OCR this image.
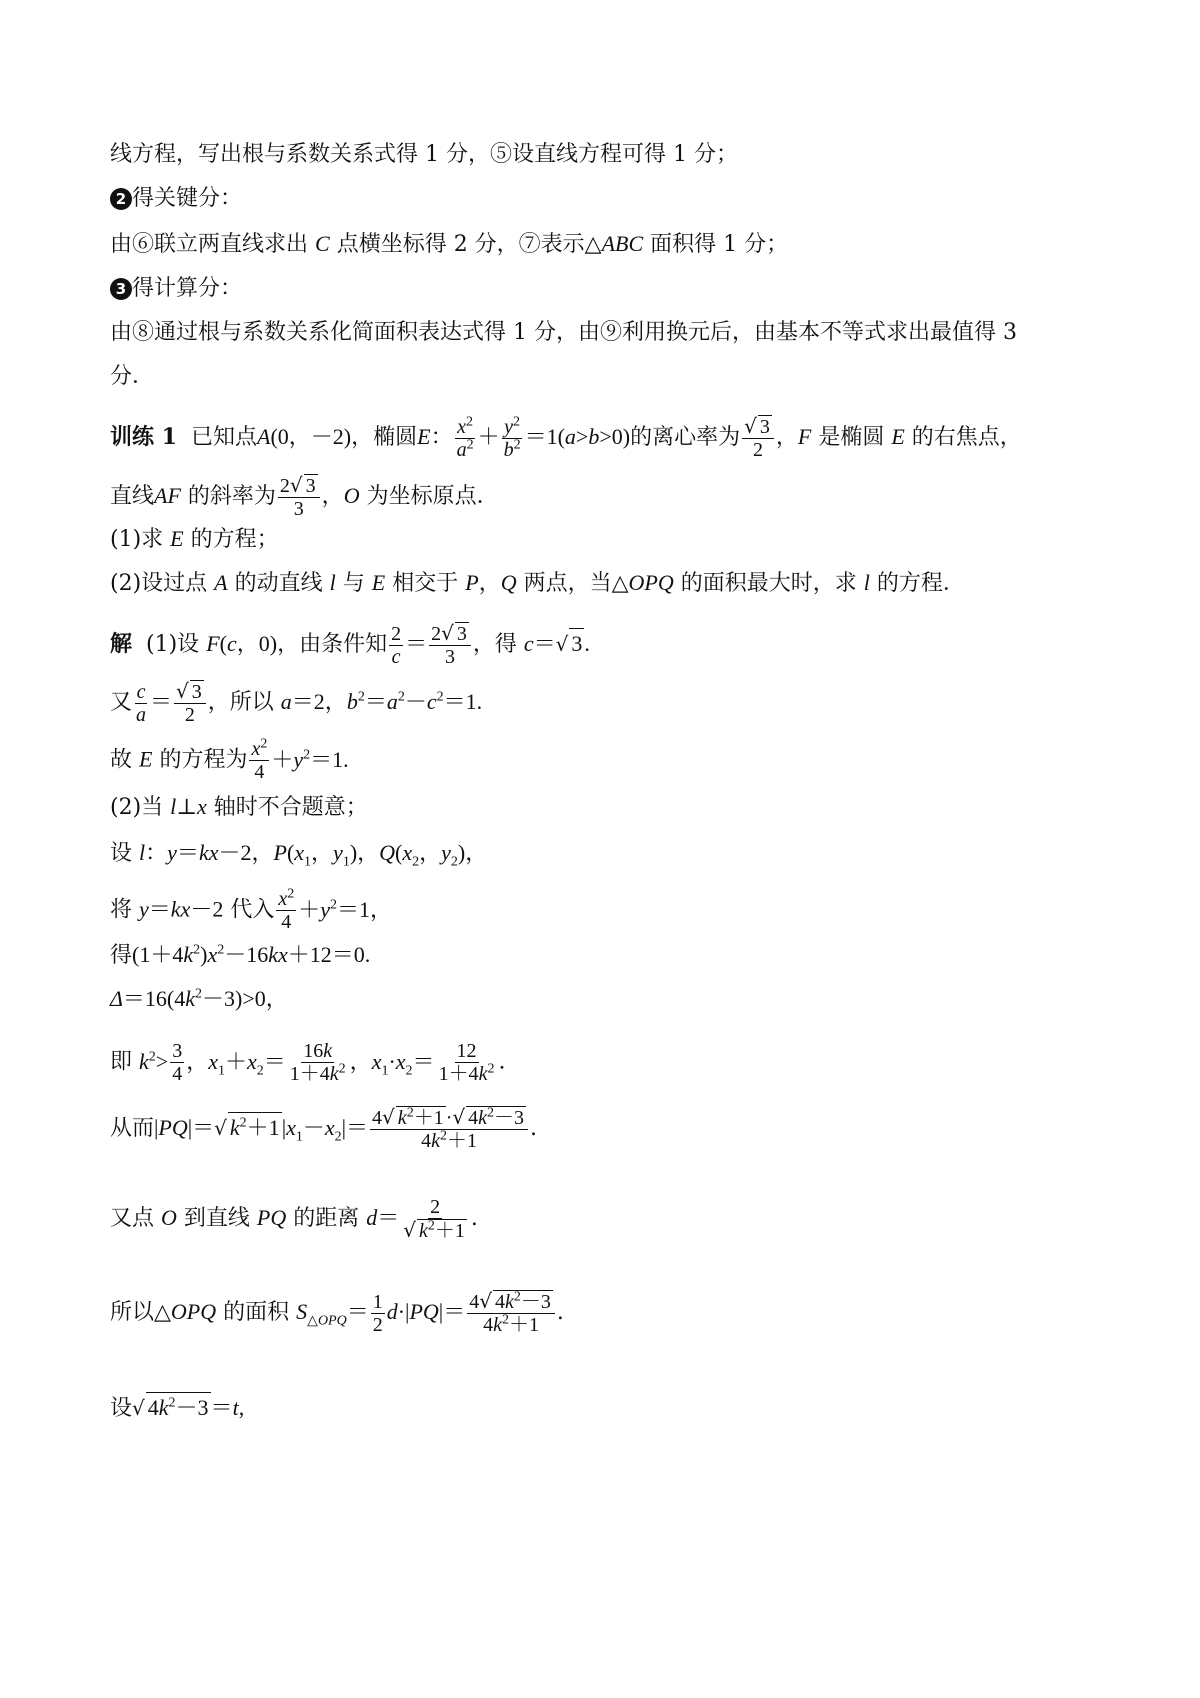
线方程，写出根与系数关系式得 1 分，⑤设直线方程可得 1 分；
2 得关键分：
由⑥联立两直线求出 C 点横坐标得 2 分，⑦表示△ABC 面积得 1 分；
3 得计算分：
由⑧通过根与系数关系化简面积表达式得 1 分，由⑨利用换元后，由基本不等式求出最值得 3
分．
训练 1 已知点A(0，－2)，椭圆E： $\frac{x^2}{a^2} + \frac{y^2}{b^2} =1(a>b>0)$的离心率为 $\frac{√ 3}{2}$ ，F 是椭圆 E 的右焦点，
直线AF 的斜率为 $\frac{2√ 3}{3}$ ，O 为坐标原点．
(1)求 E 的方程；
(2)设过点 A 的动直线 l 与 E 相交于 P，Q 两点，当△OPQ 的面积最大时，求 l 的方程．
解 (1)设 F(c，0)，由条件知 $\frac{2}{c} = \frac{2√ 3}{3}$ ，得 c＝√ 3.
又 $\frac{c}{a} = \frac{√ 3}{2}$ ，所以 a＝2，$b^2=a^2-c^2=1$.
故 E 的方程为 $\frac{x^2}{4} +y^2=1$.
(2)当 l⊥x 轴时不合题意；
设 l：y＝kx－2，$P(x_1$，$y_1$)，$Q(x_2$，$y_2$)，
将 y＝kx－2 代入 $\frac{x^2}{4} +y^2=1$，
得$(1+4k^2)x^2-16kx+12=0$.
$\Delta=16(4k^2-3)>0$，
即 $k^2> \frac{3}{4}$ ，$x_1+x_2= \frac{16k}{1+4k^2}$ ，$x_1\cdot x_2= \frac{12}{1+4k^2}$ .
从而|PQ|＝√ $k^2+1|x_1-x_2|= \frac{4√ k^2+1 \cdot√ 4k^2-3}{4k^2+1}$ .
又点 O 到直线 PQ 的距离 $d= \frac{2}{√ k^2+1}$ .
所以△OPQ 的面积 $S_{\triangle OPQ}= \frac{1}{2} d\cdot|PQ|= \frac{4√ 4k^2-3}{4k^2+1}$ .
设√ $4k^2-3=t$,
